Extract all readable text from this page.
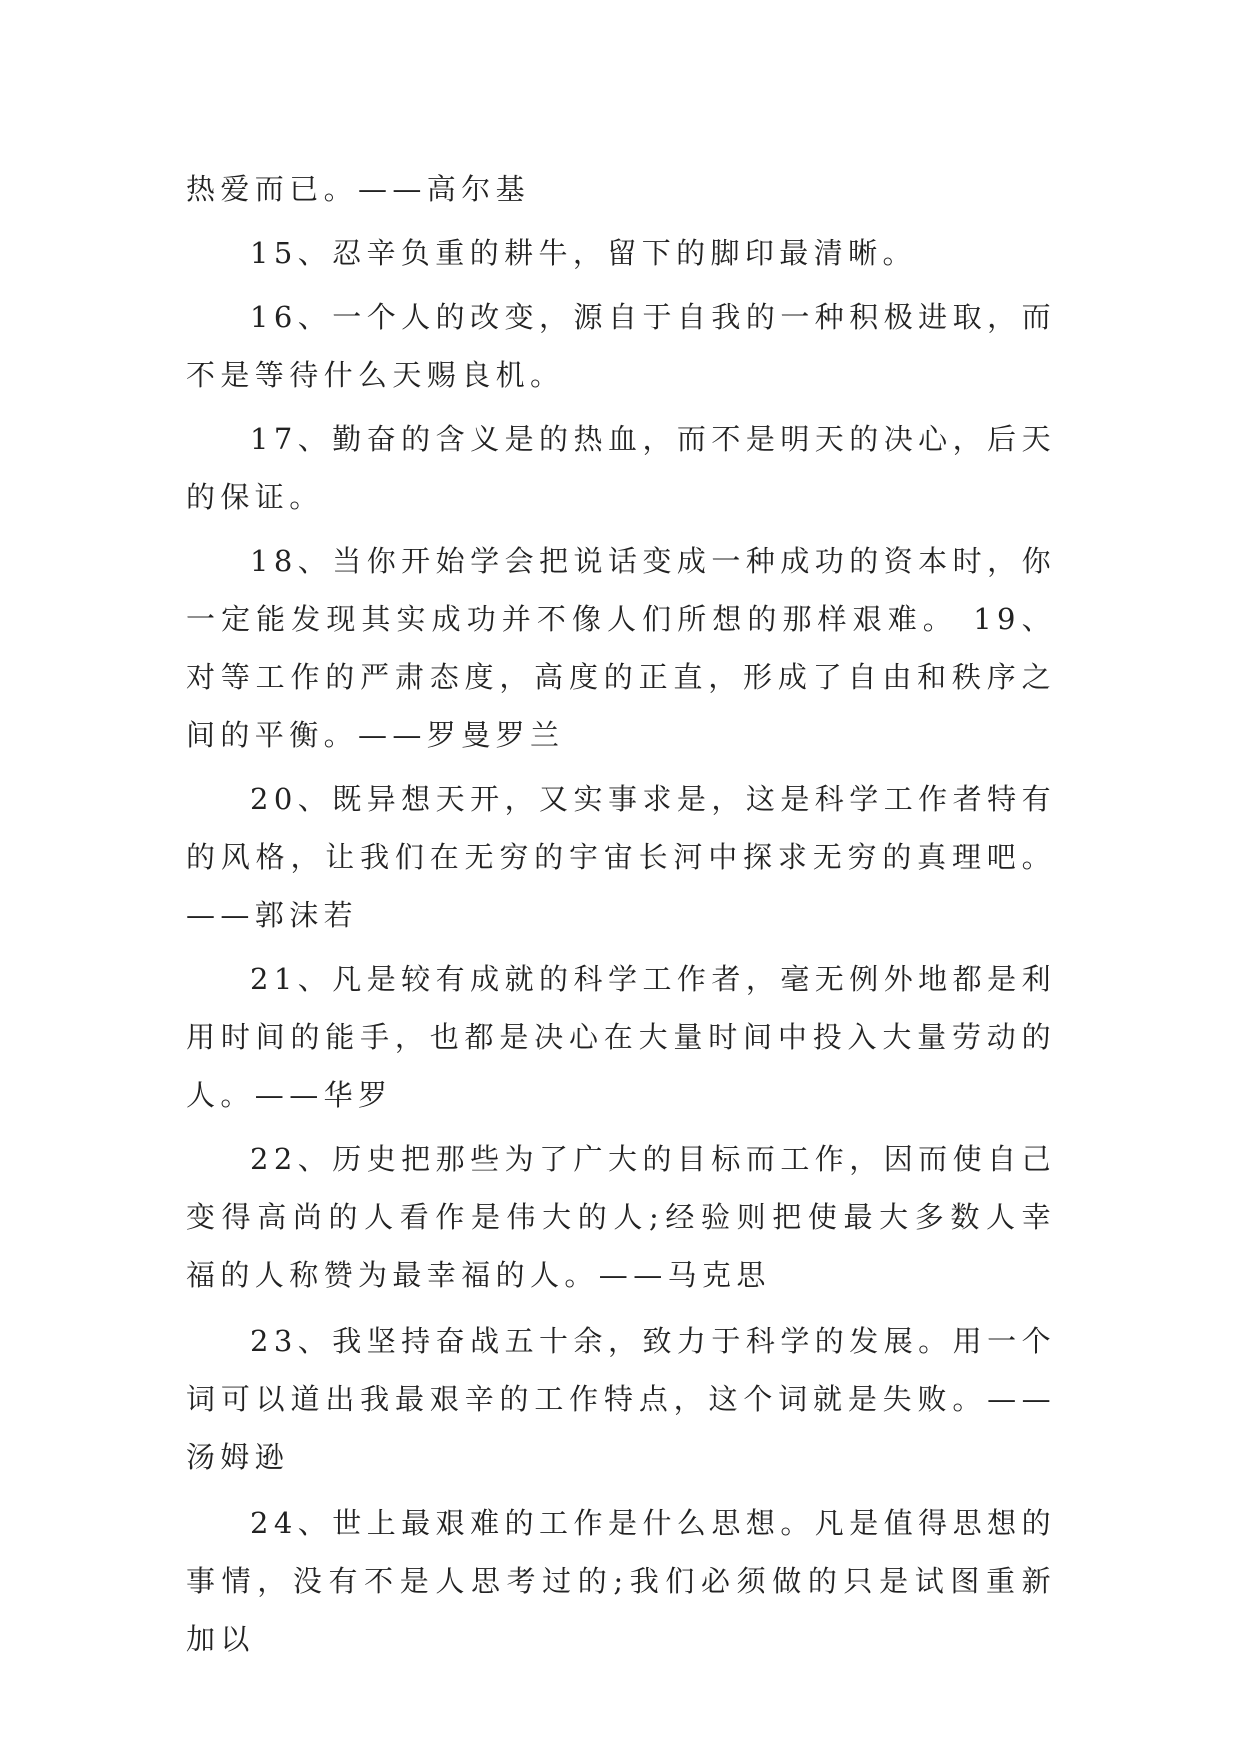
热爱而已。——高尔基

15、忍辛负重的耕牛，留下的脚印最清晰。

16、一个人的改变，源自于自我的一种积极进取，而不是等待什么天赐良机。

17、勤奋的含义是的热血，而不是明天的决心，后天的保证。

18、当你开始学会把说话变成一种成功的资本时，你一定能发现其实成功并不像人们所想的那样艰难。 19、对等工作的严肃态度，高度的正直，形成了自由和秩序之间的平衡。——罗曼罗兰

20、既异想天开，又实事求是，这是科学工作者特有的风格，让我们在无穷的宇宙长河中探求无穷的真理吧。——郭沫若

21、凡是较有成就的科学工作者，毫无例外地都是利用时间的能手，也都是决心在大量时间中投入大量劳动的人。——华罗

22、历史把那些为了广大的目标而工作，因而使自己变得高尚的人看作是伟大的人;经验则把使最大多数人幸福的人称赞为最幸福的人。——马克思

23、我坚持奋战五十余，致力于科学的发展。用一个词可以道出我最艰辛的工作特点，这个词就是失败。——汤姆逊

24、世上最艰难的工作是什么思想。凡是值得思想的事情，没有不是人思考过的;我们必须做的只是试图重新加以
